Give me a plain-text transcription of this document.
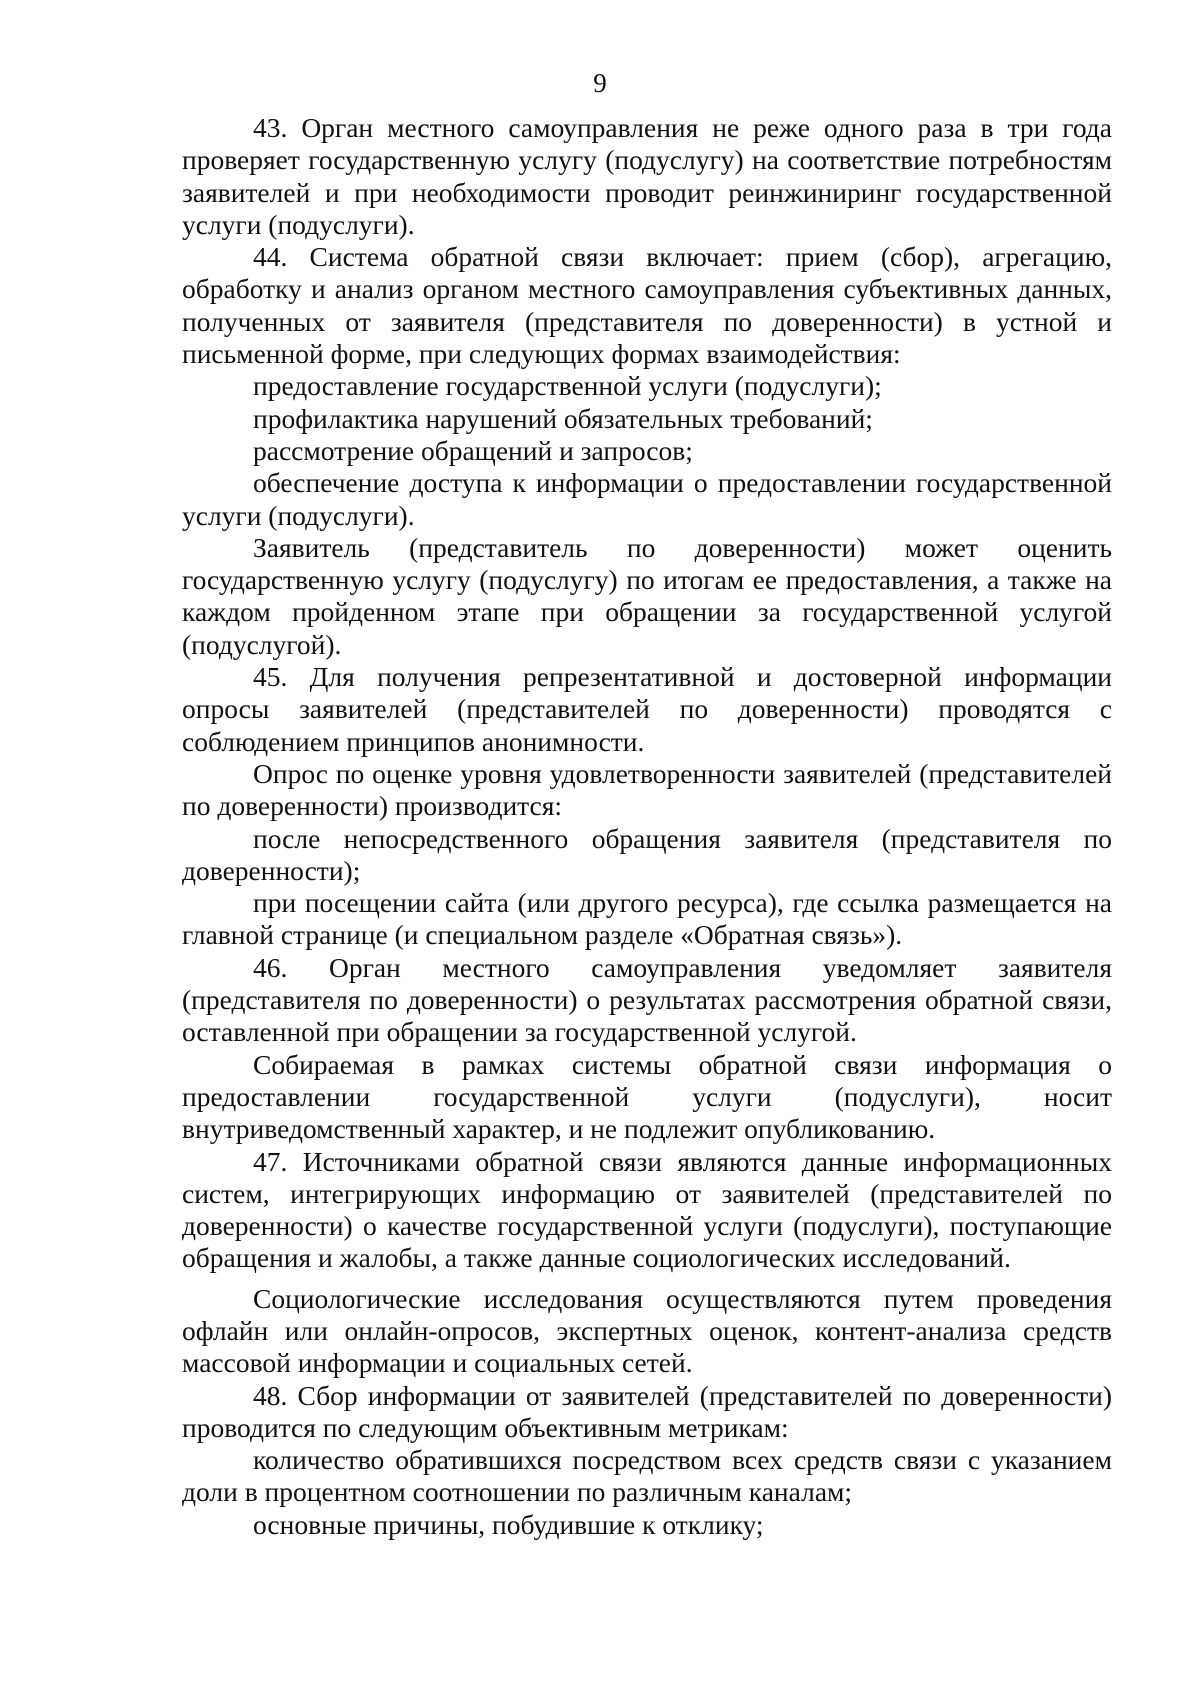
9

43. Орган местного самоуправления не реже одного раза в три года проверяет государственную услугу (подуслугу) на соответствие потребностям заявителей и при необходимости проводит реинжиниринг государственной услуги (подуслуги).

44. Система обратной связи включает: прием (сбор), агрегацию, обработку и анализ органом местного самоуправления субъективных данных, полученных от заявителя (представителя по доверенности) в устной и письменной форме, при следующих формах взаимодействия:

предоставление государственной услуги (подуслуги);

профилактика нарушений обязательных требований;

рассмотрение обращений и запросов;

обеспечение доступа к информации о предоставлении государственной услуги (подуслуги).

Заявитель (представитель по доверенности) может оценить государственную услугу (подуслугу) по итогам ее предоставления, а также на каждом пройденном этапе при обращении за государственной услугой (подуслугой).

45. Для получения репрезентативной и достоверной информации опросы заявителей (представителей по доверенности) проводятся с соблюдением принципов анонимности.

Опрос по оценке уровня удовлетворенности заявителей (представителей по доверенности) производится:

после непосредственного обращения заявителя (представителя по доверенности);

при посещении сайта (или другого ресурса), где ссылка размещается на главной странице (и специальном разделе «Обратная связь»).

46. Орган местного самоуправления уведомляет заявителя (представителя по доверенности) о результатах рассмотрения обратной связи, оставленной при обращении за государственной услугой.

Собираемая в рамках системы обратной связи информация о предоставлении государственной услуги (подуслуги), носит внутриведомственный характер, и не подлежит опубликованию.

47. Источниками обратной связи являются данные информационных систем, интегрирующих информацию от заявителей (представителей по доверенности) о качестве государственной услуги (подуслуги), поступающие обращения и жалобы, а также данные социологических исследований.

Социологические исследования осуществляются путем проведения офлайн или онлайн-опросов, экспертных оценок, контент-анализа средств массовой информации и социальных сетей.

48. Сбор информации от заявителей (представителей по доверенности) проводится по следующим объективным метрикам:

количество обратившихся посредством всех средств связи с указанием доли в процентном соотношении по различным каналам;

основные причины, побудившие к отклику;
